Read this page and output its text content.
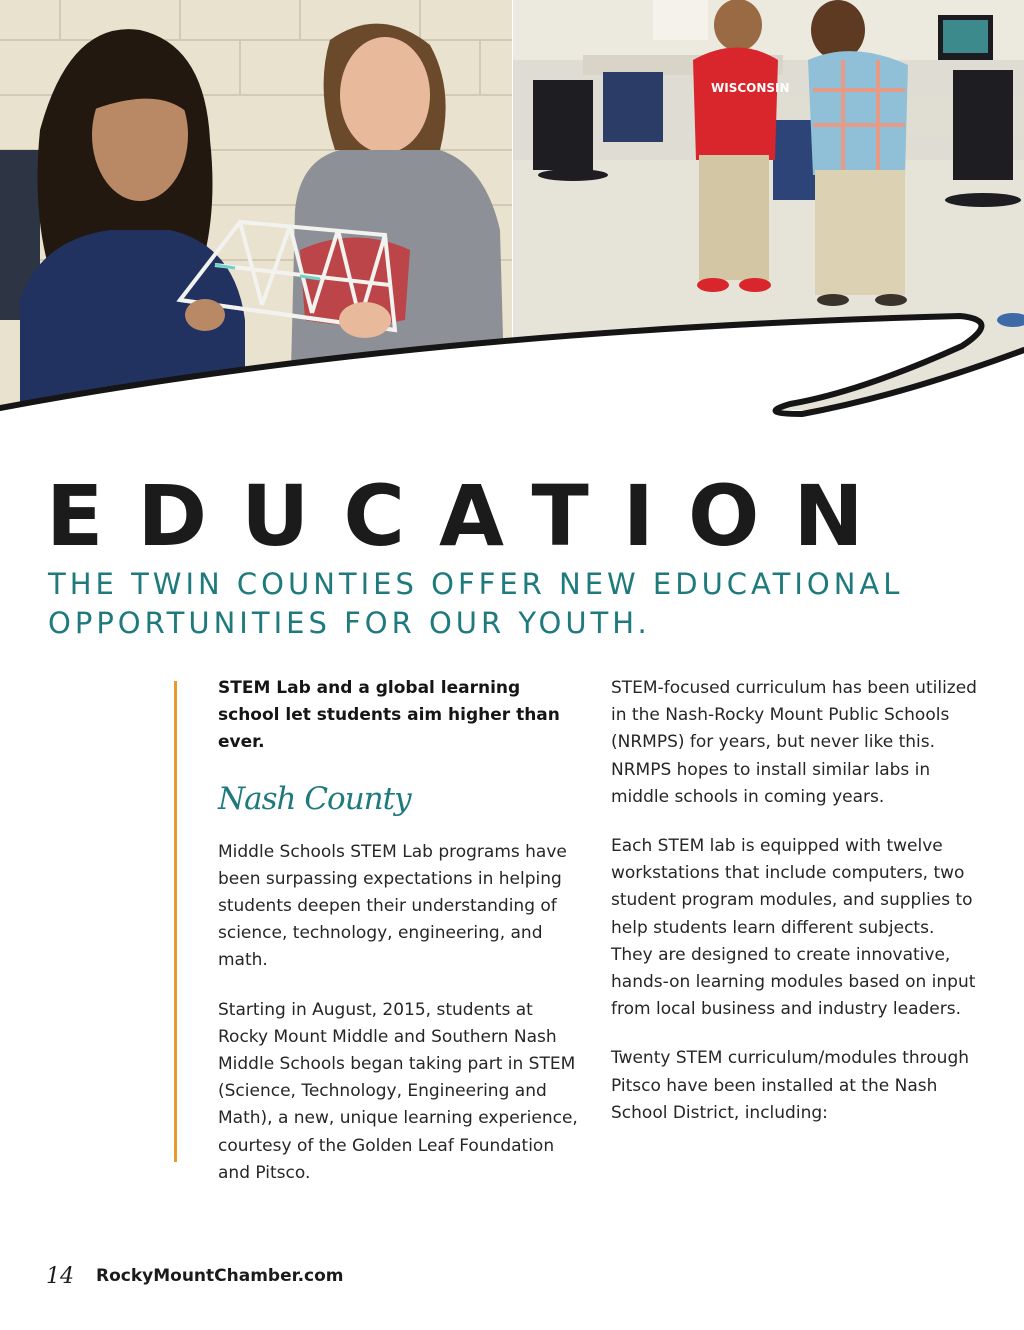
WISCONSIN
EDUCATION
THE TWIN COUNTIES OFFER NEW EDUCATIONAL OPPORTUNITIES FOR OUR YOUTH.

STEM Lab and a global learning school let students aim higher than ever.

Nash County

Middle Schools STEM Lab programs have been surpassing expectations in helping students deepen their understanding of science, technology, engineering, and math.

Starting in August, 2015, students at Rocky Mount Middle and Southern Nash Middle Schools began taking part in STEM (Science, Technology, Engineering and Math), a new, unique learning experience, courtesy of the Golden Leaf Foundation and Pitsco.

STEM-focused curriculum has been utilized in the Nash-Rocky Mount Public Schools (NRMPS) for years, but never like this. NRMPS hopes to install similar labs in middle schools in coming years.

Each STEM lab is equipped with twelve workstations that include computers, two student program modules, and supplies to help students learn different subjects. They are designed to create innovative, hands-on learning modules based on input from local business and industry leaders.

Twenty STEM curriculum/modules through Pitsco have been installed at the Nash School District, including:

14 RockyMountChamber.com
